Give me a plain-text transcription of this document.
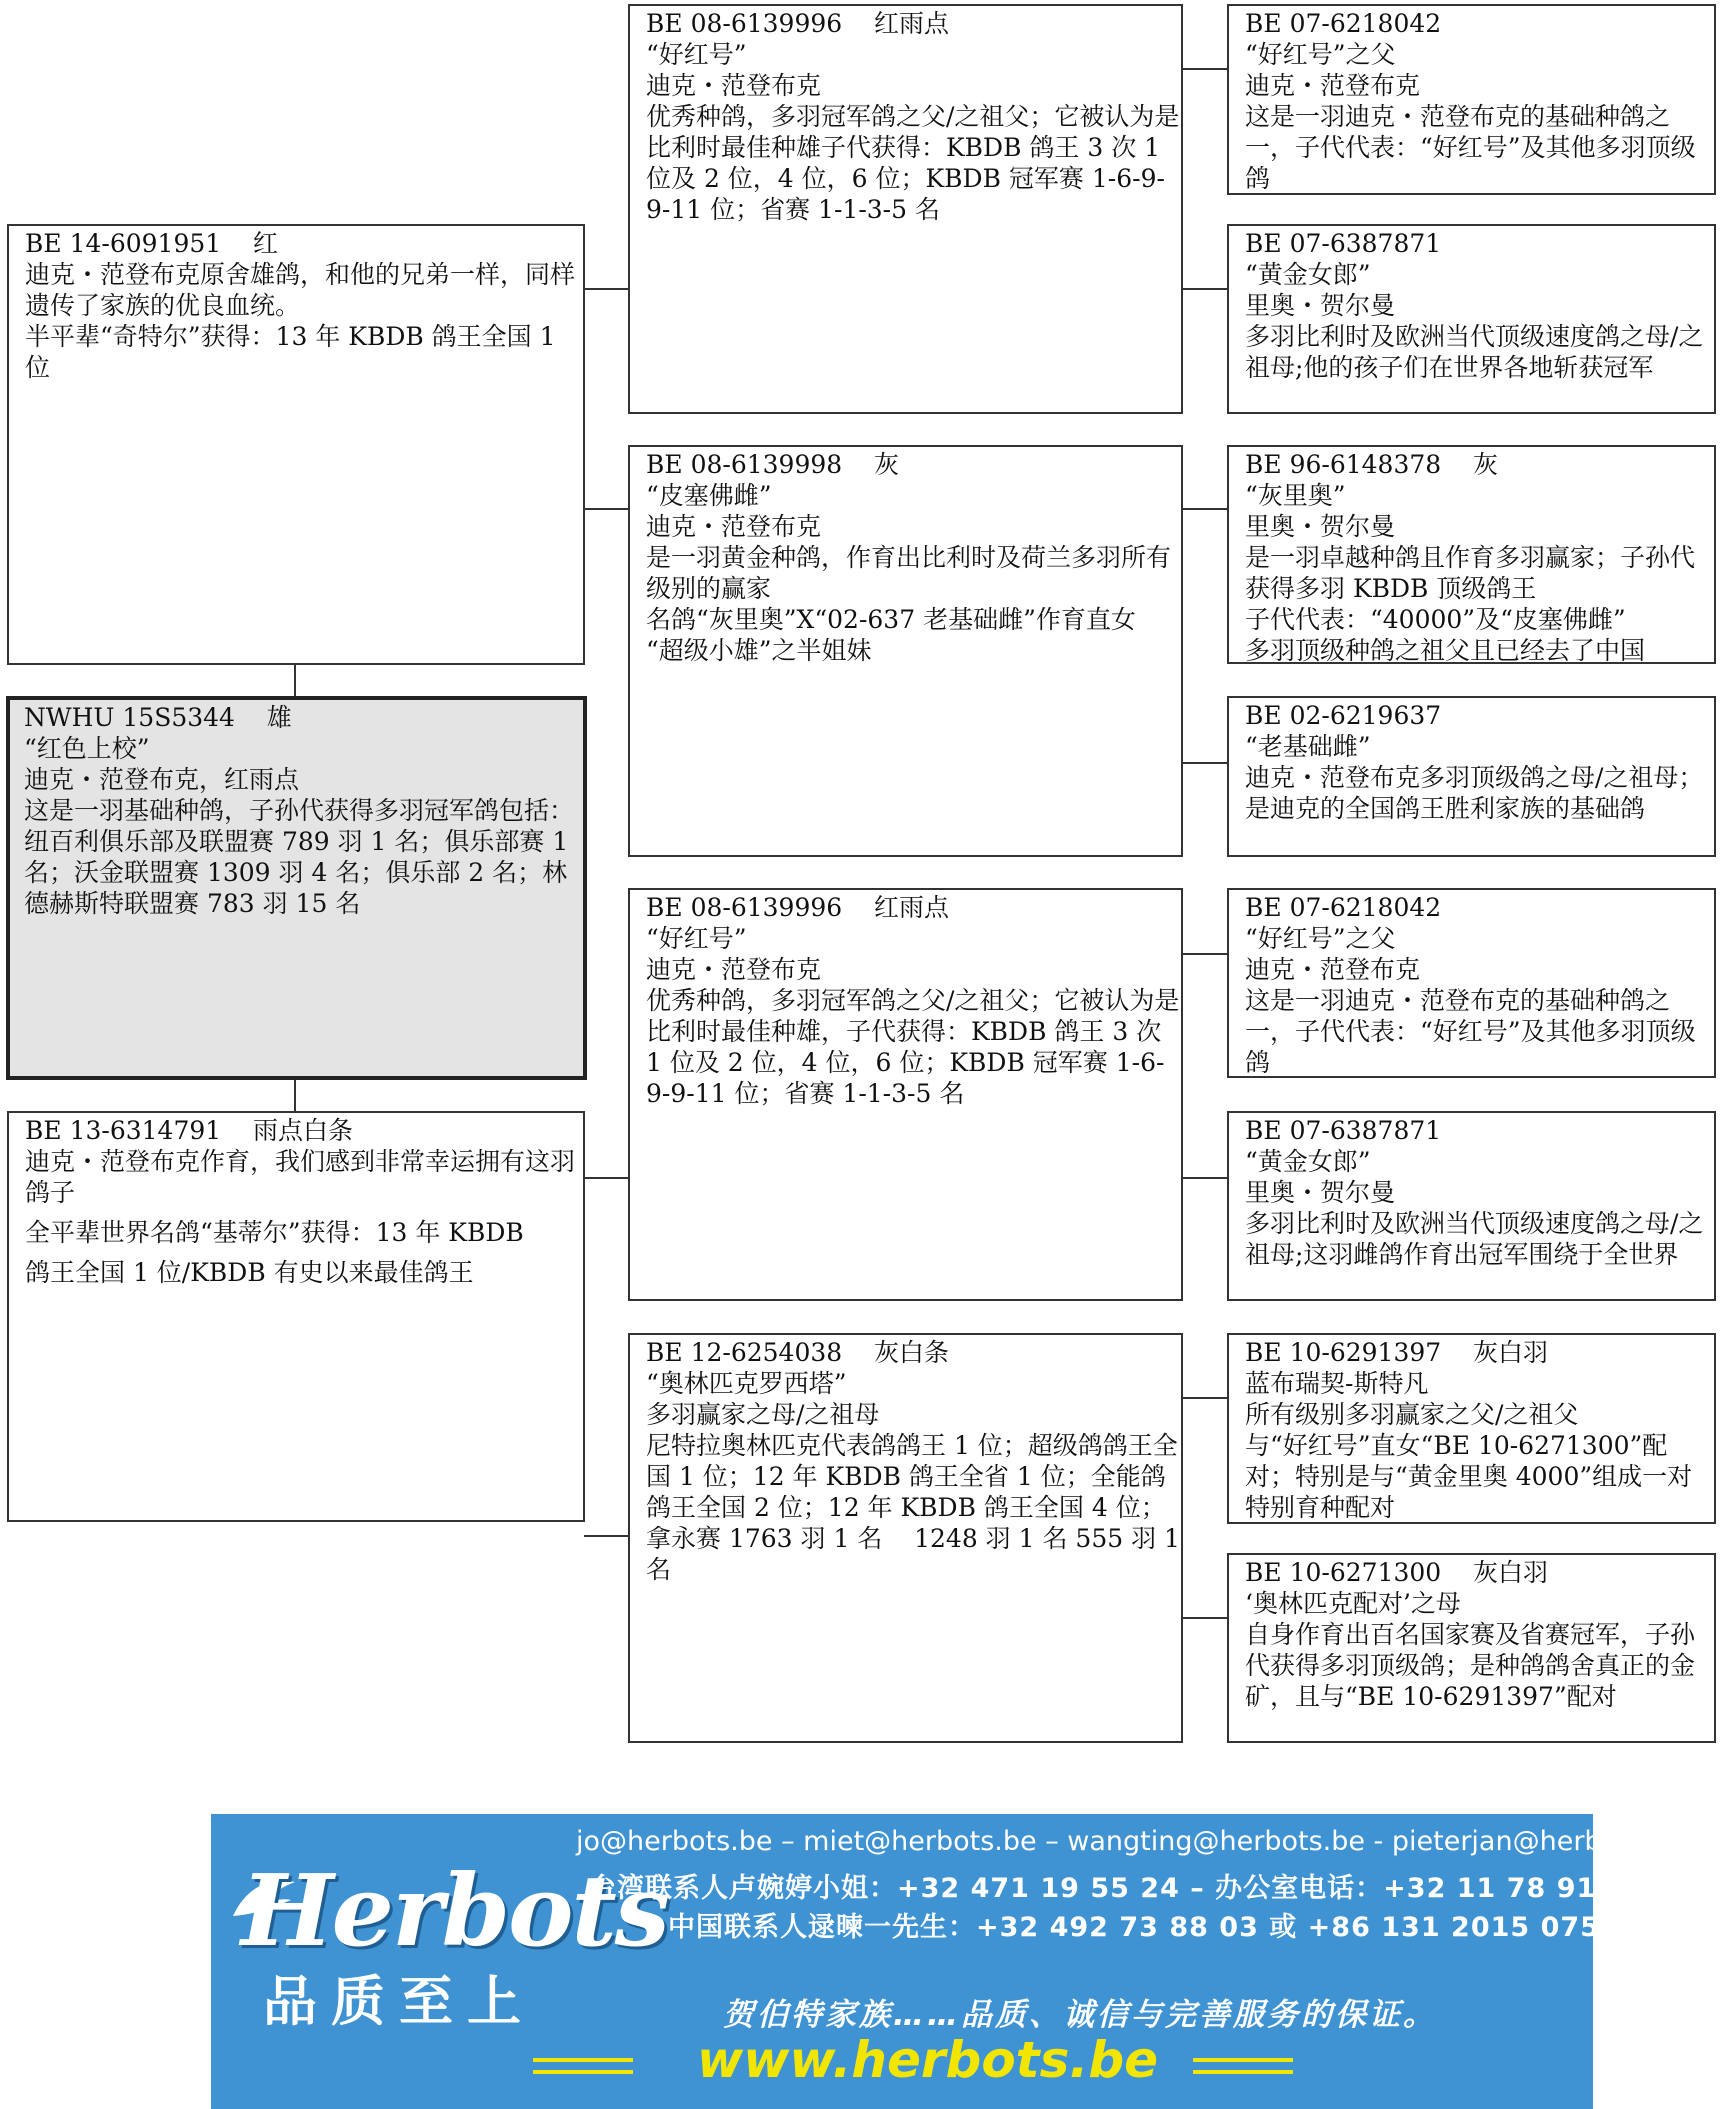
BE 14-6091951    红
迪克・范登布克原舍雄鸽，和他的兄弟一样，同样遗传了家族的优良血统。
半平辈“奇特尔”获得：13 年 KBDB 鸽王全国 1 位
NWHU 15S5344    雄
“红色上校”
迪克・范登布克，红雨点
这是一羽基础种鸽，子孙代获得多羽冠军鸽包括：
纽百利俱乐部及联盟赛 789 羽 1 名；俱乐部赛 1 名；沃金联盟赛 1309 羽 4 名；俱乐部 2 名；林德赫斯特联盟赛 783 羽 15 名
BE 13-6314791    雨点白条
迪克・范登布克作育，我们感到非常幸运拥有这羽鸽子
全平辈世界名鸽“基蒂尔”获得：13 年 KBDB
鸽王全国 1 位/KBDB 有史以来最佳鸽王
BE 08-6139996    红雨点
“好红号”
迪克・范登布克
优秀种鸽，多羽冠军鸽之父/之祖父；它被认为是比利时最佳种雄子代获得：KBDB 鸽王 3 次 1 位及 2 位，4 位，6 位；KBDB 冠军赛 1-6-9-9-11 位；省赛 1-1-3-5 名
BE 08-6139998    灰
“皮塞佛雌”
迪克・范登布克
是一羽黄金种鸽，作育出比利时及荷兰多羽所有级别的赢家
名鸽“灰里奥”X“02-637 老基础雌”作育直女
“超级小雄”之半姐妹
BE 08-6139996    红雨点
“好红号”
迪克・范登布克
优秀种鸽，多羽冠军鸽之父/之祖父；它被认为是比利时最佳种雄，子代获得：KBDB 鸽王 3 次 1 位及 2 位，4 位，6 位；KBDB 冠军赛 1-6-9-9-11 位；省赛 1-1-3-5 名
BE 12-6254038    灰白条
“奥林匹克罗西塔”
多羽赢家之母/之祖母
尼特拉奥林匹克代表鸽鸽王 1 位；超级鸽鸽王全国 1 位；12 年 KBDB 鸽王全省 1 位；全能鸽鸽王全国 2 位；12 年 KBDB 鸽王全国 4 位；拿永赛 1763 羽 1 名    1248 羽 1 名 555 羽 1 名
BE 07-6218042
“好红号”之父
迪克・范登布克
这是一羽迪克・范登布克的基础种鸽之一，子代代表：“好红号”及其他多羽顶级鸽
BE 07-6387871
“黄金女郎”
里奥・贺尔曼
多羽比利时及欧洲当代顶级速度鸽之母/之祖母;他的孩子们在世界各地斩获冠军
BE 96-6148378    灰
“灰里奥”
里奥・贺尔曼
是一羽卓越种鸽且作育多羽赢家；子孙代获得多羽 KBDB 顶级鸽王
子代代表：“40000”及“皮塞佛雌”
多羽顶级种鸽之祖父且已经去了中国
BE 02-6219637
“老基础雌”
迪克・范登布克多羽顶级鸽之母/之祖母；是迪克的全国鸽王胜利家族的基础鸽
BE 07-6218042
“好红号”之父
迪克・范登布克
这是一羽迪克・范登布克的基础种鸽之一，子代代表：“好红号”及其他多羽顶级鸽
BE 07-6387871
“黄金女郎”
里奥・贺尔曼
多羽比利时及欧洲当代顶级速度鸽之母/之祖母;这羽雌鸽作育出冠军围绕于全世界
BE 10-6291397    灰白羽
蓝布瑞契-斯特凡
所有级别多羽赢家之父/之祖父
与“好红号”直女“BE 10-6271300”配对；特别是与“黄金里奥 4000”组成一对特别育种配对
BE 10-6271300    灰白羽
‘奥林匹克配对’之母
自身作育出百名国家赛及省赛冠军，子孙代获得多羽顶级鸽；是种鸽鸽舍真正的金矿，且与“BE 10-6291397”配对
Herbots
品质至上
jo@herbots.be – miet@herbots.be – wangting@herbots.be - pieterjan@herbots.be
台湾联系人卢婉婷小姐：+32 471 19 55 24 – 办公室电话：+32 11 78 91 90
中国联系人逯暕一先生：+32 492 73 88 03 或 +86 131 2015 0755
贺伯特家族……品质、诚信与完善服务的保证。
www.herbots.be
